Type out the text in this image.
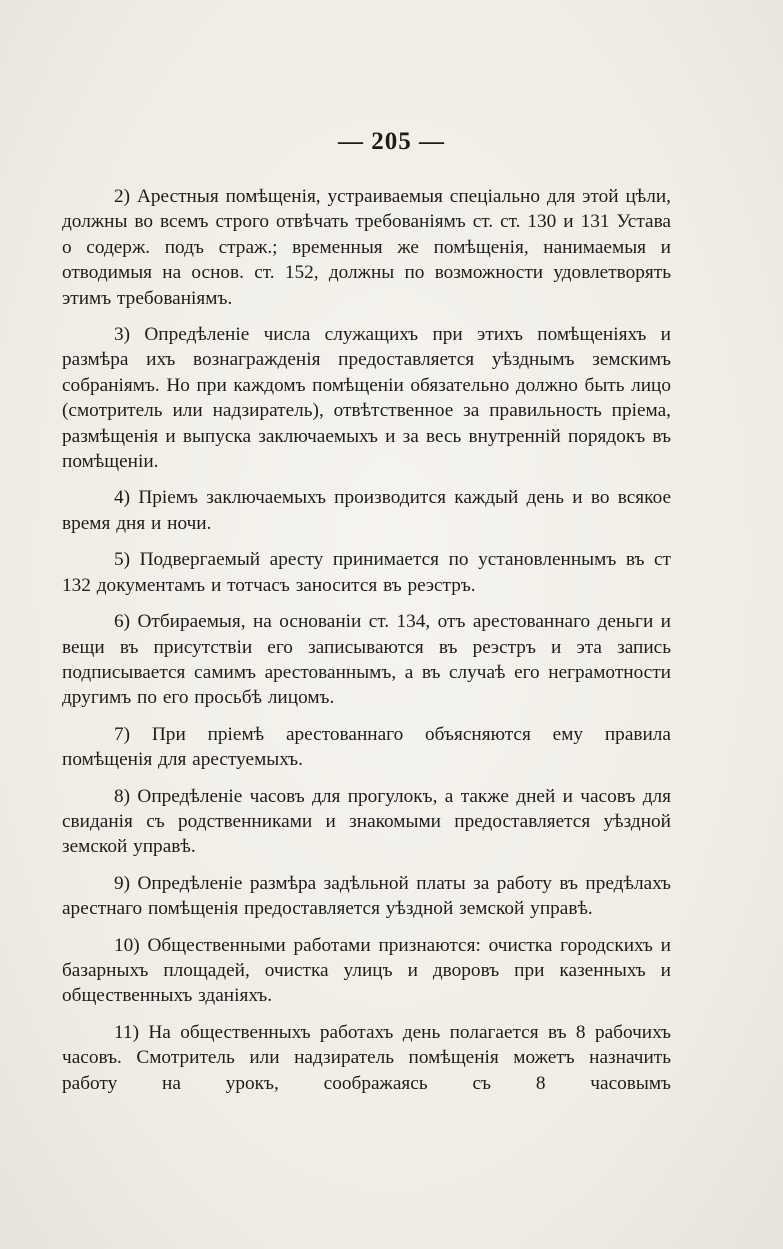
— 205 —

2) Арестныя помѣщенія, устраиваемыя спеціально для этой цѣли, должны во всемъ строго отвѣчать требованіямъ ст. ст. 130 и 131 Устава о содерж. подъ страж.; временныя же помѣщенія, нанимаемыя и отводимыя на основ. ст. 152, должны по возможности удовлетворять этимъ требованіямъ.

3) Опредѣленіе числа служащихъ при этихъ помѣщеніяхъ и размѣра ихъ вознагражденія предоставляется уѣзднымъ земскимъ собраніямъ. Но при каждомъ помѣщеніи обязательно должно быть лицо (смотритель или надзиратель), отвѣтственное за правильность пріема, размѣщенія и выпуска заключаемыхъ и за весь внутренній порядокъ въ помѣщеніи.

4) Пріемъ заключаемыхъ производится каждый день и во всякое время дня и ночи.

5) Подвергаемый аресту принимается по установленнымъ въ ст 132 документамъ и тотчасъ заносится въ реэстръ.

6) Отбираемыя, на основаніи ст. 134, отъ арестованнаго деньги и вещи въ присутствіи его записываются въ реэстръ и эта запись подписывается самимъ арестованнымъ, а въ случаѣ его неграмотности другимъ по его просьбѣ лицомъ.

7) При пріемѣ арестованнаго объясняются ему правила помѣщенія для арестуемыхъ.

8) Опредѣленіе часовъ для прогулокъ, а также дней и часовъ для свиданія съ родственниками и знакомыми предоставляется уѣздной земской управѣ.

9) Опредѣленіе размѣра задѣльной платы за работу въ предѣлахъ арестнаго помѣщенія предоставляется уѣздной земской управѣ.

10) Общественными работами признаются: очистка городскихъ и базарныхъ площадей, очистка улицъ и дворовъ при казенныхъ и общественныхъ зданіяхъ.

11) На общественныхъ работахъ день полагается въ 8 рабочихъ часовъ. Смотритель или надзиратель помѣщенія можетъ назначить работу на урокъ, соображаясь съ 8 часовымъ
